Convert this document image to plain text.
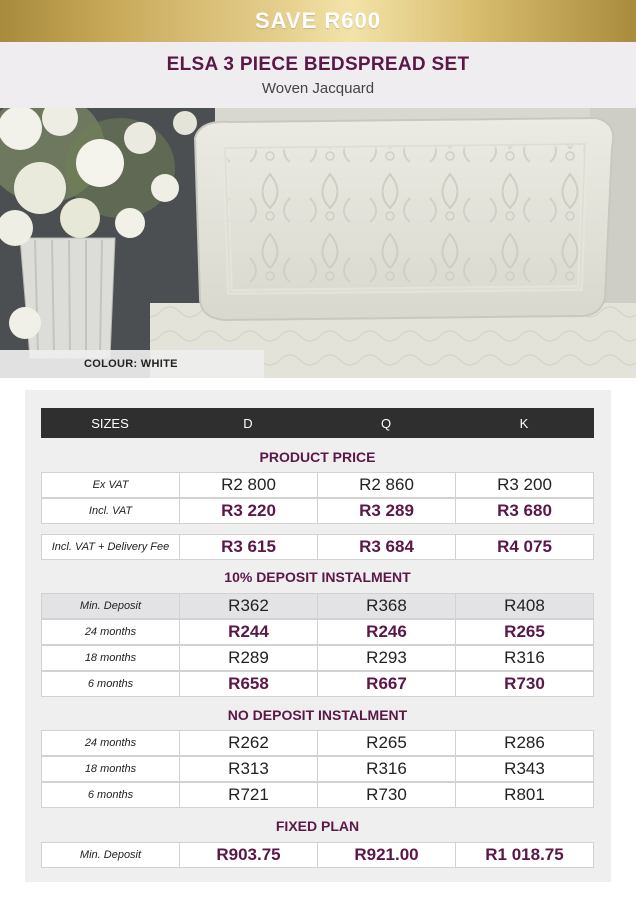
SAVE R600
ELSA 3 PIECE BEDSPREAD SET
Woven Jacquard
COLOUR: WHITE
SIZES	D	Q	K
PRODUCT PRICE
Ex VAT	R2 800	R2 860	R3 200
Incl. VAT	R3 220	R3 289	R3 680
Incl. VAT + Delivery Fee	R3 615	R3 684	R4 075
10% DEPOSIT INSTALMENT
Min. Deposit	R362	R368	R408
24 months	R244	R246	R265
18 months	R289	R293	R316
6 months	R658	R667	R730
NO DEPOSIT INSTALMENT
24 months	R262	R265	R286
18 months	R313	R316	R343
6 months	R721	R730	R801
FIXED PLAN
Min. Deposit	R903.75	R921.00	R1 018.75
